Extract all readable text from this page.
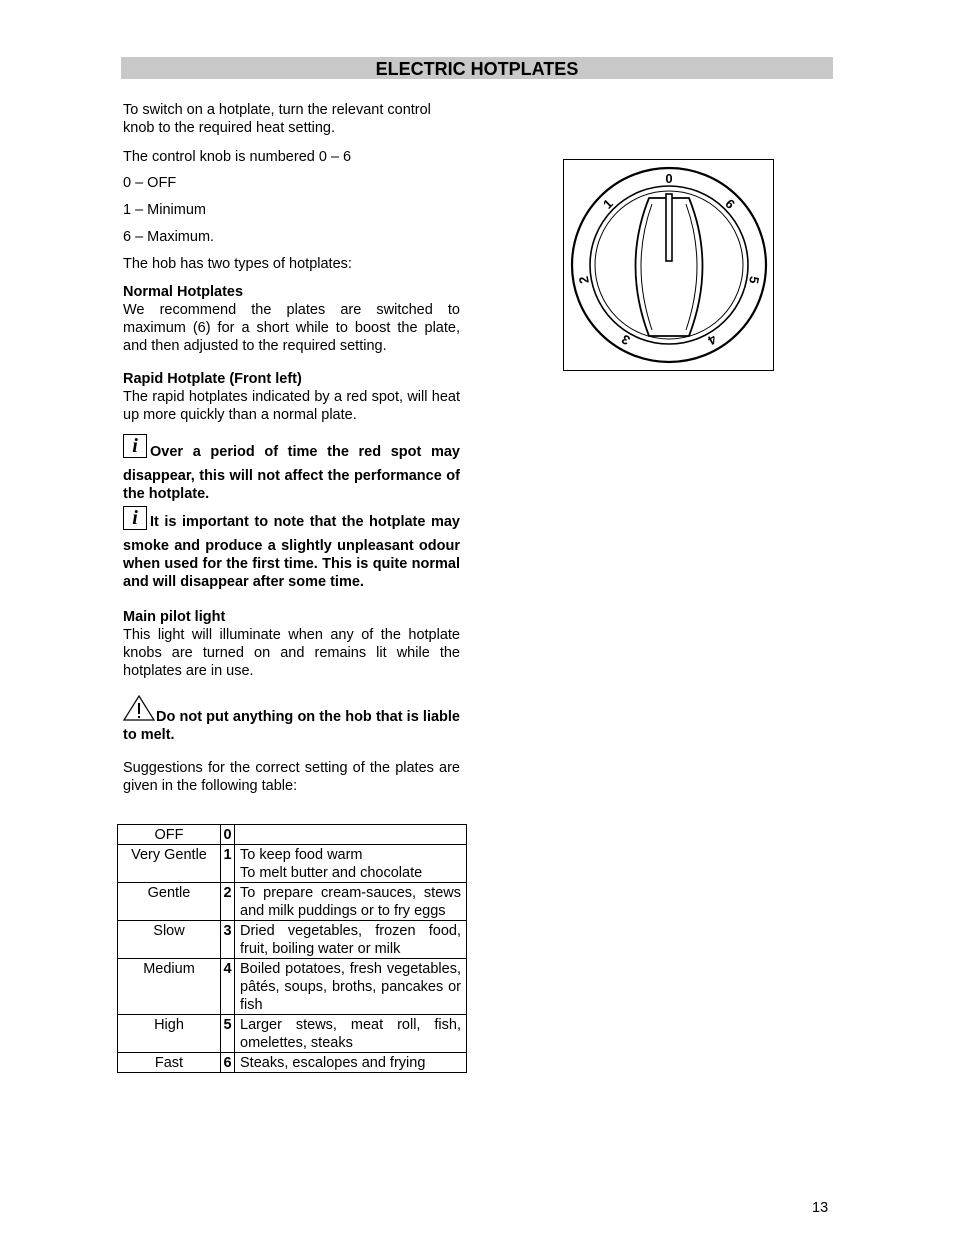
ELECTRIC HOTPLATES

To switch on a hotplate, turn the relevant control knob to the required heat setting.

The control knob is numbered 0 – 6

0 – OFF

1 – Minimum

6 – Maximum.

The hob has two types of hotplates:

Normal Hotplates

We recommend the plates are switched to maximum (6) for a short while to boost the plate, and then adjusted to the required setting.

Rapid Hotplate (Front left)

The rapid hotplates indicated by a red spot, will heat up more quickly than a normal plate.

i Over a period of time the red spot may disappear, this will not affect the performance of the hotplate.

i It is important to note that the hotplate may smoke and produce a slightly unpleasant odour when used for the first time. This is quite normal and will disappear after some time.

Main pilot light

This light will illuminate when any of the hotplate knobs are turned on and remains lit while the hotplates are in use.

Do not put anything on the hob that is liable to melt.

Suggestions for the correct setting of the plates are given in the following table:

OFF	0	
Very Gentle	1	To keep food warm
To melt butter and chocolate

Gentle	2	To prepare cream-sauces, stews and milk puddings or to fry eggs
Slow	3	Dried vegetables, frozen food, fruit, boiling water or milk
Medium	4	Boiled potatoes, fresh vegetables, pâtés, soups, broths, pancakes or fish
High	5	Larger stews, meat roll, fish, omelettes, steaks
Fast	6	Steaks, escalopes and frying
0
1
2
3	4
5
6
13
